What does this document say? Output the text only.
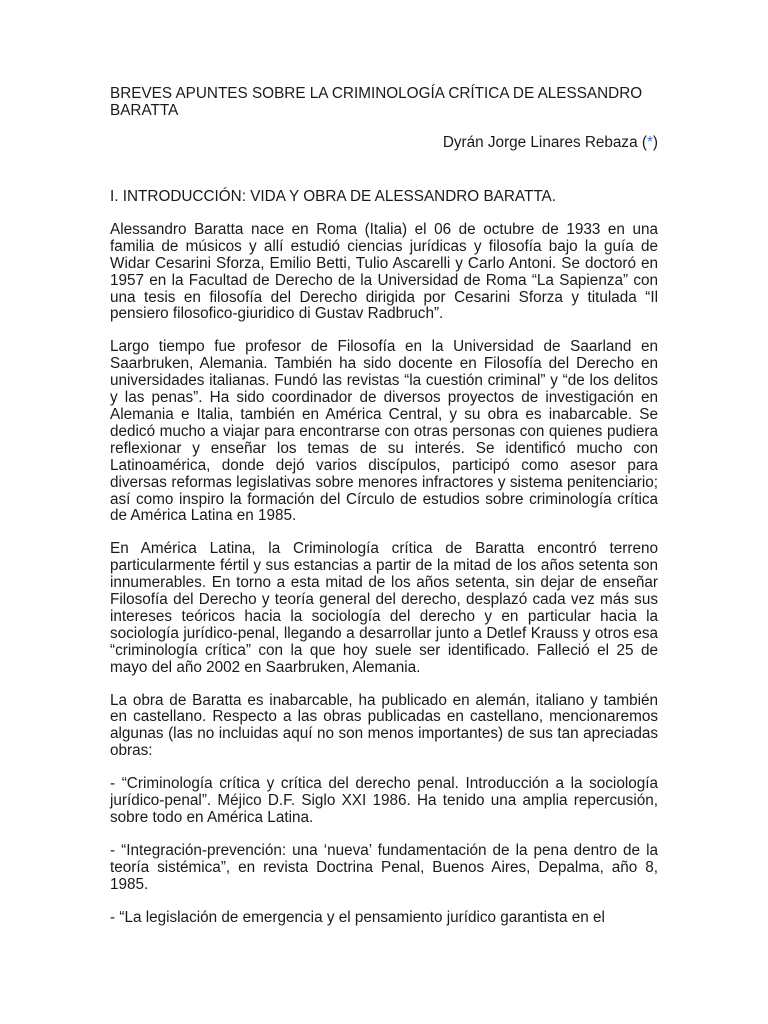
BREVES APUNTES SOBRE LA CRIMINOLOGÍA CRÍTICA DE ALESSANDRO BARATTA
Dyrán Jorge Linares Rebaza (*)
I. INTRODUCCIÓN: VIDA Y OBRA DE ALESSANDRO BARATTA.

Alessandro Baratta nace en Roma (Italia) el 06 de octubre de 1933 en una familia de músicos y allí estudió ciencias jurídicas y filosofía bajo la guía de Widar Cesarini Sforza, Emilio Betti, Tulio Ascarelli y Carlo Antoni. Se doctoró en 1957 en la Facultad de Derecho de la Universidad de Roma “La Sapienza” con una tesis en filosofía del Derecho dirigida por Cesarini Sforza y titulada “Il pensiero filosofico-giuridico di Gustav Radbruch”.

Largo tiempo fue profesor de Filosofía en la Universidad de Saarland en Saarbruken, Alemania. También ha sido docente en Filosofía del Derecho en universidades italianas. Fundó las revistas “la cuestión criminal” y “de los delitos y las penas”. Ha sido coordinador de diversos proyectos de investigación en Alemania e Italia, también en América Central, y su obra es inabarcable. Se dedicó mucho a viajar para encontrarse con otras personas con quienes pudiera reflexionar y enseñar los temas de su interés. Se identificó mucho con Latinoamérica, donde dejó varios discípulos, participó como asesor para diversas reformas legislativas sobre menores infractores y sistema penitenciario; así como inspiro la formación del Círculo de estudios sobre criminología crítica de América Latina en 1985.

En América Latina, la Criminología crítica de Baratta encontró terreno particularmente fértil y sus estancias a partir de la mitad de los años setenta son innumerables. En torno a esta mitad de los años setenta, sin dejar de enseñar Filosofía del Derecho y teoría general del derecho, desplazó cada vez más sus intereses teóricos hacia la sociología del derecho y en particular hacia la sociología jurídico-penal, llegando a desarrollar junto a Detlef Krauss y otros esa “criminología crítica” con la que hoy suele ser identificado. Falleció el 25 de mayo del año 2002 en Saarbruken, Alemania.

La obra de Baratta es inabarcable, ha publicado en alemán, italiano y también en castellano. Respecto a las obras publicadas en castellano, mencionaremos algunas (las no incluidas aquí no son menos importantes) de sus tan apreciadas obras:

- “Criminología crítica y crítica del derecho penal. Introducción a la sociología jurídico-penal”. Méjico D.F. Siglo XXI 1986. Ha tenido una amplia repercusión, sobre todo en América Latina.

- “Integración-prevención: una ‘nueva’ fundamentación de la pena dentro de la teoría sistémica”, en revista Doctrina Penal, Buenos Aires, Depalma, año 8, 1985.

- “La legislación de emergencia y el pensamiento jurídico garantista en el
